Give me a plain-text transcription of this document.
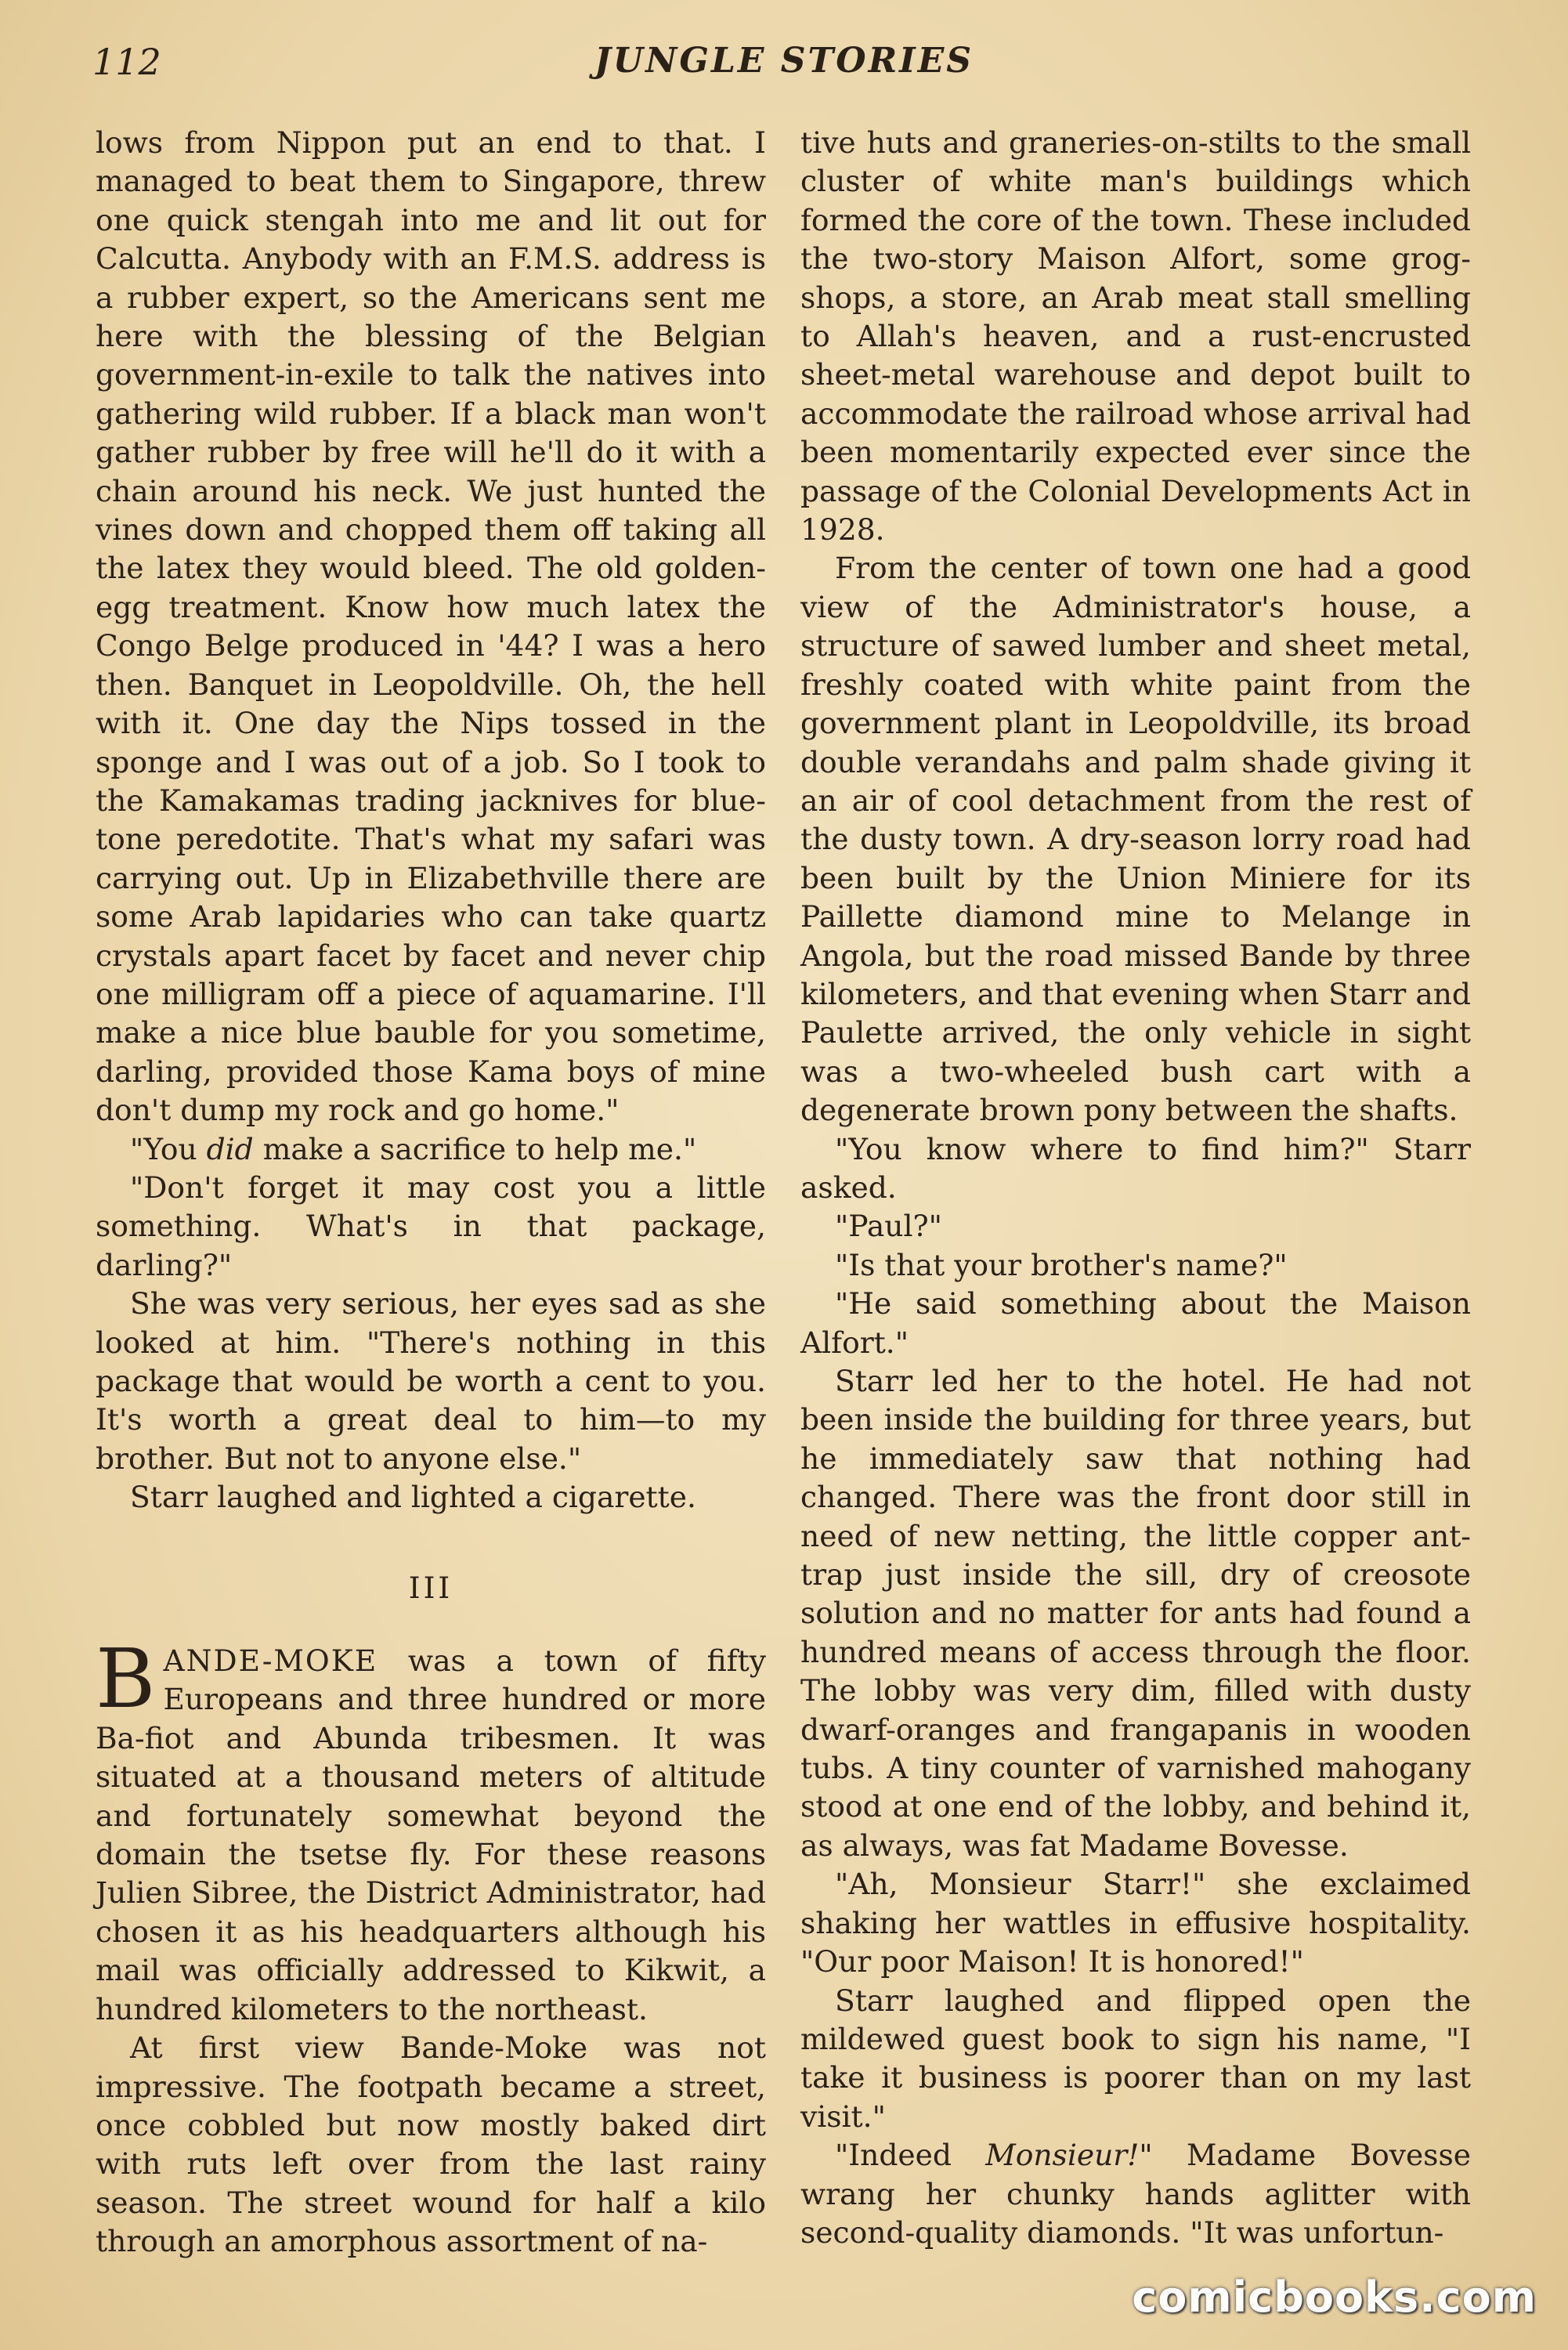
112	JUNGLE STORIES

lows from Nippon put an end to that. I managed to beat them to Singapore, threw one quick stengah into me and lit out for Calcutta. Anybody with an F.M.S. address is a rubber expert, so the Americans sent me here with the blessing of the Belgian government-in-exile to talk the natives into gathering wild rubber. If a black man won't gather rubber by free will he'll do it with a chain around his neck. We just hunted the vines down and chopped them off taking all the latex they would bleed. The old golden-egg treatment. Know how much latex the Congo Belge produced in '44? I was a hero then. Banquet in Leopoldville. Oh, the hell with it. One day the Nips tossed in the sponge and I was out of a job. So I took to the Kamakamas trading jacknives for blue-tone peredotite. That's what my safari was carrying out. Up in Elizabethville there are some Arab lapidaries who can take quartz crystals apart facet by facet and never chip one milligram off a piece of aquamarine. I'll make a nice blue bauble for you sometime, darling, provided those Kama boys of mine don't dump my rock and go home."

"You did make a sacrifice to help me."

"Don't forget it may cost you a little something. What's in that package, darling?"

She was very serious, her eyes sad as she looked at him. "There's nothing in this package that would be worth a cent to you. It's worth a great deal to him—to my brother. But not to anyone else."

Starr laughed and lighted a cigarette.

III

BANDE-MOKE was a town of fifty Europeans and three hundred or more Ba-fiot and Abunda tribesmen. It was situated at a thousand meters of altitude and fortunately somewhat beyond the domain the tsetse fly. For these reasons Julien Sibree, the District Administrator, had chosen it as his headquarters although his mail was officially addressed to Kikwit, a hundred kilometers to the northeast.

At first view Bande-Moke was not impressive. The footpath became a street, once cobbled but now mostly baked dirt with ruts left over from the last rainy season. The street wound for half a kilo through an amorphous assortment of na-

tive huts and graneries-on-stilts to the small cluster of white man's buildings which formed the core of the town. These included the two-story Maison Alfort, some grog-shops, a store, an Arab meat stall smelling to Allah's heaven, and a rust-encrusted sheet-metal warehouse and depot built to accommodate the railroad whose arrival had been momentarily expected ever since the passage of the Colonial Developments Act in 1928.

From the center of town one had a good view of the Administrator's house, a structure of sawed lumber and sheet metal, freshly coated with white paint from the government plant in Leopoldville, its broad double verandahs and palm shade giving it an air of cool detachment from the rest of the dusty town. A dry-season lorry road had been built by the Union Miniere for its Paillette diamond mine to Melange in Angola, but the road missed Bande by three kilometers, and that evening when Starr and Paulette arrived, the only vehicle in sight was a two-wheeled bush cart with a degenerate brown pony between the shafts.

"You know where to find him?" Starr asked.

"Paul?"

"Is that your brother's name?"

"He said something about the Maison Alfort."

Starr led her to the hotel. He had not been inside the building for three years, but he immediately saw that nothing had changed. There was the front door still in need of new netting, the little copper ant-trap just inside the sill, dry of creosote solution and no matter for ants had found a hundred means of access through the floor. The lobby was very dim, filled with dusty dwarf-oranges and frangapanis in wooden tubs. A tiny counter of varnished mahogany stood at one end of the lobby, and behind it, as always, was fat Madame Bovesse.

"Ah, Monsieur Starr!" she exclaimed shaking her wattles in effusive hospitality. "Our poor Maison! It is honored!"

Starr laughed and flipped open the mildewed guest book to sign his name, "I take it business is poorer than on my last visit."

"Indeed Monsieur!" Madame Bovesse wrang her chunky hands aglitter with second-quality diamonds. "It was unfortun-

comicbooks.com
